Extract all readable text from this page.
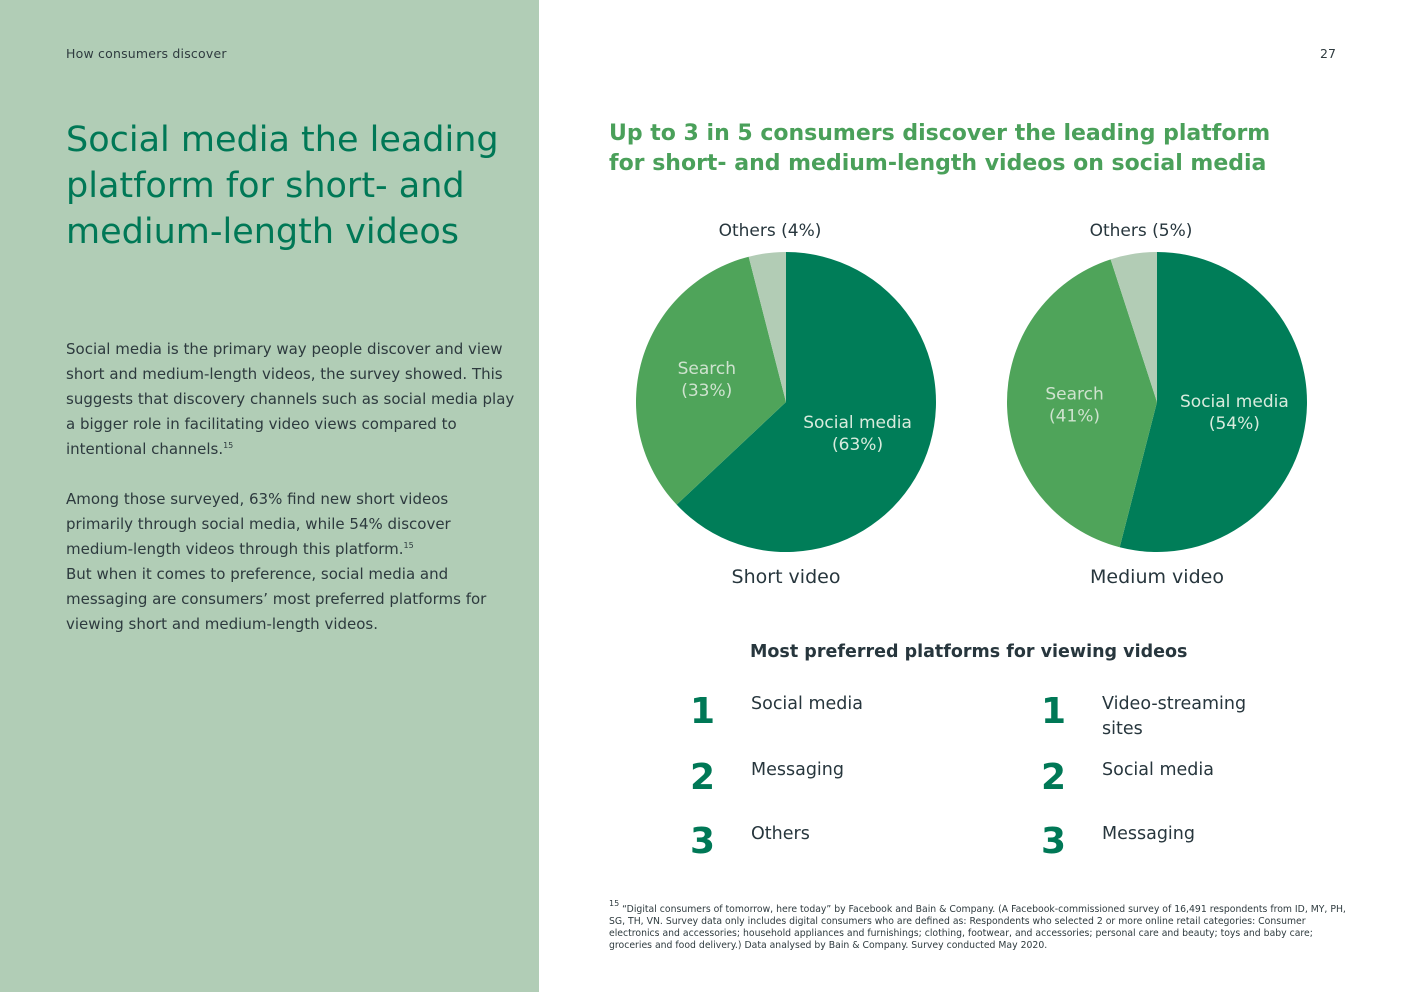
How consumers discover	27
Social media the leading platform for short- and medium-length videos
Social media is the primary way people discover and view short and medium-length videos, the survey showed. This suggests that discovery channels such as social media play a bigger role in facilitating video views compared to intentional channels.$^{15}$
Among those surveyed, 63% find new short videos primarily through social media, while 54% discover medium-length videos through this platform.$^{15}$
But when it comes to preference, social media and messaging are consumers’ most preferred platforms for viewing short and medium-length videos.
Up to 3 in 5 consumers discover the leading platform for short- and medium-length videos on social media
Social media
(63%)
Search
(33%)
Others (4%)
Short video
Social media
(54%)
Search
(41%)
Others (5%)
Medium video
Most preferred platforms for viewing videos
1 Social media
2 Messaging
3 Others
1 Video-streaming sites
2 Social media
3 Messaging
$^{15}$ “Digital consumers of tomorrow, here today” by Facebook and Bain & Company. (A Facebook-commissioned survey of 16,491 respondents from ID, MY, PH, SG, TH, VN. Survey data only includes digital consumers who are defined as: Respondents who selected 2 or more online retail categories: Consumer electronics and accessories; household appliances and furnishings; clothing, footwear, and accessories; personal care and beauty; toys and baby care; groceries and food delivery.) Data analysed by Bain & Company. Survey conducted May 2020.
